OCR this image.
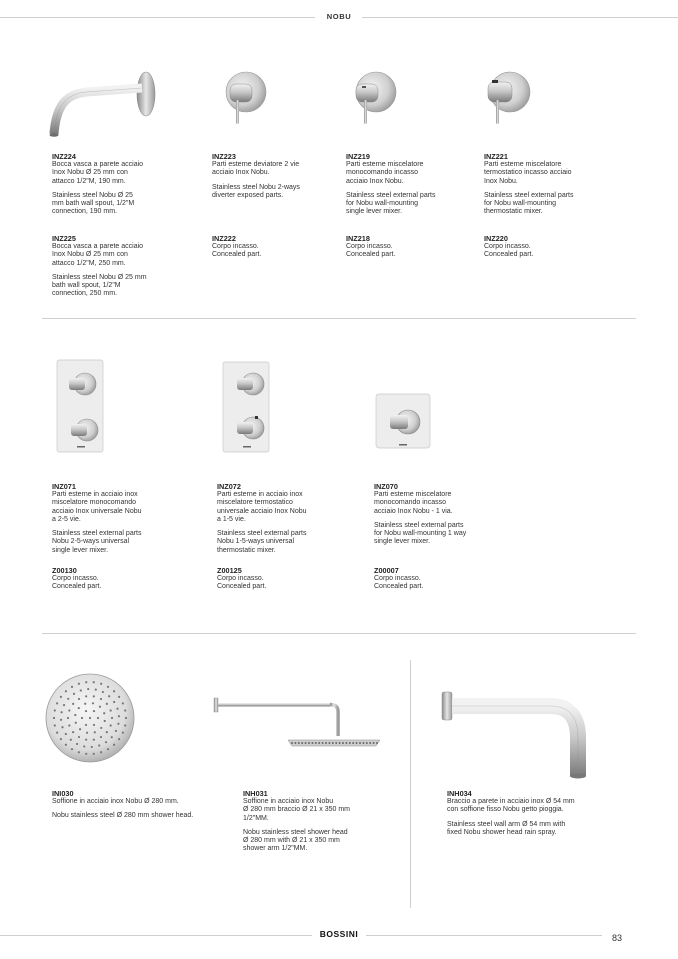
NOBU
INZ224
Bocca vasca a parete acciaio
Inox Nobu Ø 25 mm con
attacco 1/2"M, 190 mm.
Stainless steel Nobu Ø 25
mm bath wall spout, 1/2"M
connection, 190 mm.
INZ225
Bocca vasca a parete acciaio
Inox Nobu Ø 25 mm con
attacco 1/2"M, 250 mm.
Stainless steel Nobu Ø 25 mm
bath wall spout, 1/2"M
connection, 250 mm.
INZ223
Parti esterne deviatore 2 vie
acciaio Inox Nobu.
Stainless steel Nobu 2-ways
diverter exposed parts.
INZ222
Corpo incasso.
Concealed part.
INZ219
Parti esterne miscelatore
monocomando incasso
acciaio Inox Nobu.
Stainless steel external parts
for Nobu wall-mounting
single lever mixer.
INZ218
Corpo incasso.
Concealed part.
INZ221
Parti esterne miscelatore
termostatico incasso acciaio
Inox Nobu.
Stainless steel external parts
for Nobu wall-mounting
thermostatic mixer.
INZ220
Corpo incasso.
Concealed part.
INZ071
Parti esterne in acciaio inox
miscelatore monocomando
acciaio Inox universale Nobu
a 2-5 vie.
Stainless steel external parts
Nobu 2-5-ways universal
single lever mixer.
Z00130
Corpo incasso.
Concealed part.
INZ072
Parti esterne in acciaio inox
miscelatore termostatico
universale acciaio Inox Nobu
a 1-5 vie.
Stainless steel external parts
Nobu 1-5-ways universal
thermostatic mixer.
Z00125
Corpo incasso.
Concealed part.
INZ070
Parti esterne miscelatore
monocomando incasso
acciaio Inox Nobu - 1 via.
Stainless steel external parts
for Nobu wall-mounting 1 way
single lever mixer.
Z00007
Corpo incasso.
Concealed part.
INI030
Soffione in acciaio inox Nobu Ø 280 mm.
Nobu stainless steel Ø 280 mm shower head.
INH031
Soffione in acciaio inox Nobu
Ø 280 mm braccio Ø 21 x 350 mm
1/2"MM.
Nobu stainless steel shower head
Ø 280 mm with Ø 21 x 350 mm
shower arm 1/2"MM.
INH034
Braccio a parete in acciaio inox Ø 54 mm
con soffione fisso Nobu getto pioggia.
Stainless steel wall arm Ø 54 mm with
fixed Nobu shower head rain spray.
BOSSINI	83
